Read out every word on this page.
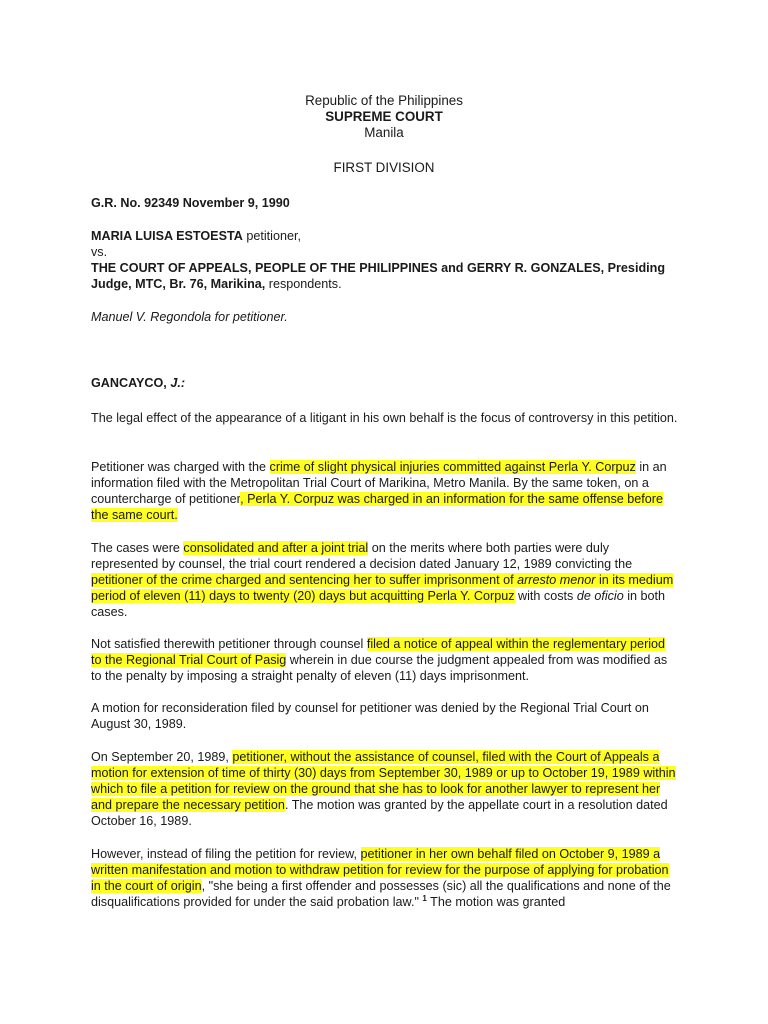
Republic of the Philippines
SUPREME COURT
Manila
FIRST DIVISION
G.R. No. 92349 November 9, 1990

MARIA LUISA ESTOESTA petitioner,

vs.

THE COURT OF APPEALS, PEOPLE OF THE PHILIPPINES and GERRY R. GONZALES, Presiding Judge, MTC, Br. 76, Marikina, respondents.

Manuel V. Regondola for petitioner.
GANCAYCO, J.:

The legal effect of the appearance of a litigant in his own behalf is the focus of controversy in this petition.

Petitioner was charged with the crime of slight physical injuries committed against Perla Y. Corpuz in an information filed with the Metropolitan Trial Court of Marikina, Metro Manila. By the same token, on a countercharge of petitioner, Perla Y. Corpuz was charged in an information for the same offense before the same court.

The cases were consolidated and after a joint trial on the merits where both parties were duly represented by counsel, the trial court rendered a decision dated January 12, 1989 convicting the petitioner of the crime charged and sentencing her to suffer imprisonment of arresto menor in its medium period of eleven (11) days to twenty (20) days but acquitting Perla Y. Corpuz with costs de oficio in both cases.

Not satisfied therewith petitioner through counsel filed a notice of appeal within the reglementary period to the Regional Trial Court of Pasig wherein in due course the judgment appealed from was modified as to the penalty by imposing a straight penalty of eleven (11) days imprisonment.

A motion for reconsideration filed by counsel for petitioner was denied by the Regional Trial Court on August 30, 1989.

On September 20, 1989, petitioner, without the assistance of counsel, filed with the Court of Appeals a motion for extension of time of thirty (30) days from September 30, 1989 or up to October 19, 1989 within which to file a petition for review on the ground that she has to look for another lawyer to represent her and prepare the necessary petition. The motion was granted by the appellate court in a resolution dated October 16, 1989.

However, instead of filing the petition for review, petitioner in her own behalf filed on October 9, 1989 a written manifestation and motion to withdraw petition for review for the purpose of applying for probation in the court of origin, "she being a first offender and possesses (sic) all the qualifications and none of the disqualifications provided for under the said probation law." $^1$ The motion was granted
